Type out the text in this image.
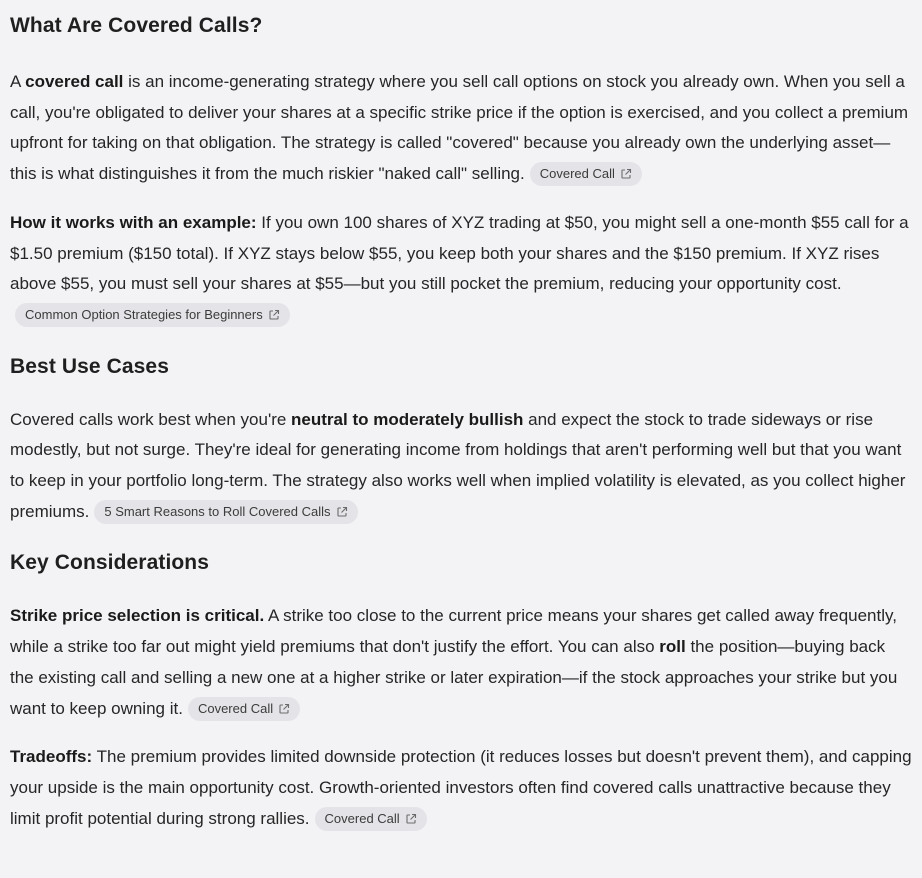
What Are Covered Calls?

A covered call is an income-generating strategy where you sell call options on stock you already own. When you sell a call, you're obligated to deliver your shares at a specific strike price if the option is exercised, and you collect a premium upfront for taking on that obligation. The strategy is called "covered" because you already own the underlying asset—this is what distinguishes it from the much riskier "naked call" selling. Covered Call

How it works with an example: If you own 100 shares of XYZ trading at $50, you might sell a one-month $55 call for a $1.50 premium ($150 total). If XYZ stays below $55, you keep both your shares and the $150 premium. If XYZ rises above $55, you must sell your shares at $55—but you still pocket the premium, reducing your opportunity cost.
Common Option Strategies for Beginners

Best Use Cases

Covered calls work best when you're neutral to moderately bullish and expect the stock to trade sideways or rise modestly, but not surge. They're ideal for generating income from holdings that aren't performing well but that you want to keep in your portfolio long-term. The strategy also works well when implied volatility is elevated, as you collect higher premiums. 5 Smart Reasons to Roll Covered Calls

Key Considerations

Strike price selection is critical. A strike too close to the current price means your shares get called away frequently, while a strike too far out might yield premiums that don't justify the effort. You can also roll the position—buying back the existing call and selling a new one at a higher strike or later expiration—if the stock approaches your strike but you want to keep owning it. Covered Call

Tradeoffs: The premium provides limited downside protection (it reduces losses but doesn't prevent them), and capping your upside is the main opportunity cost. Growth-oriented investors often find covered calls unattractive because they limit profit potential during strong rallies. Covered Call
